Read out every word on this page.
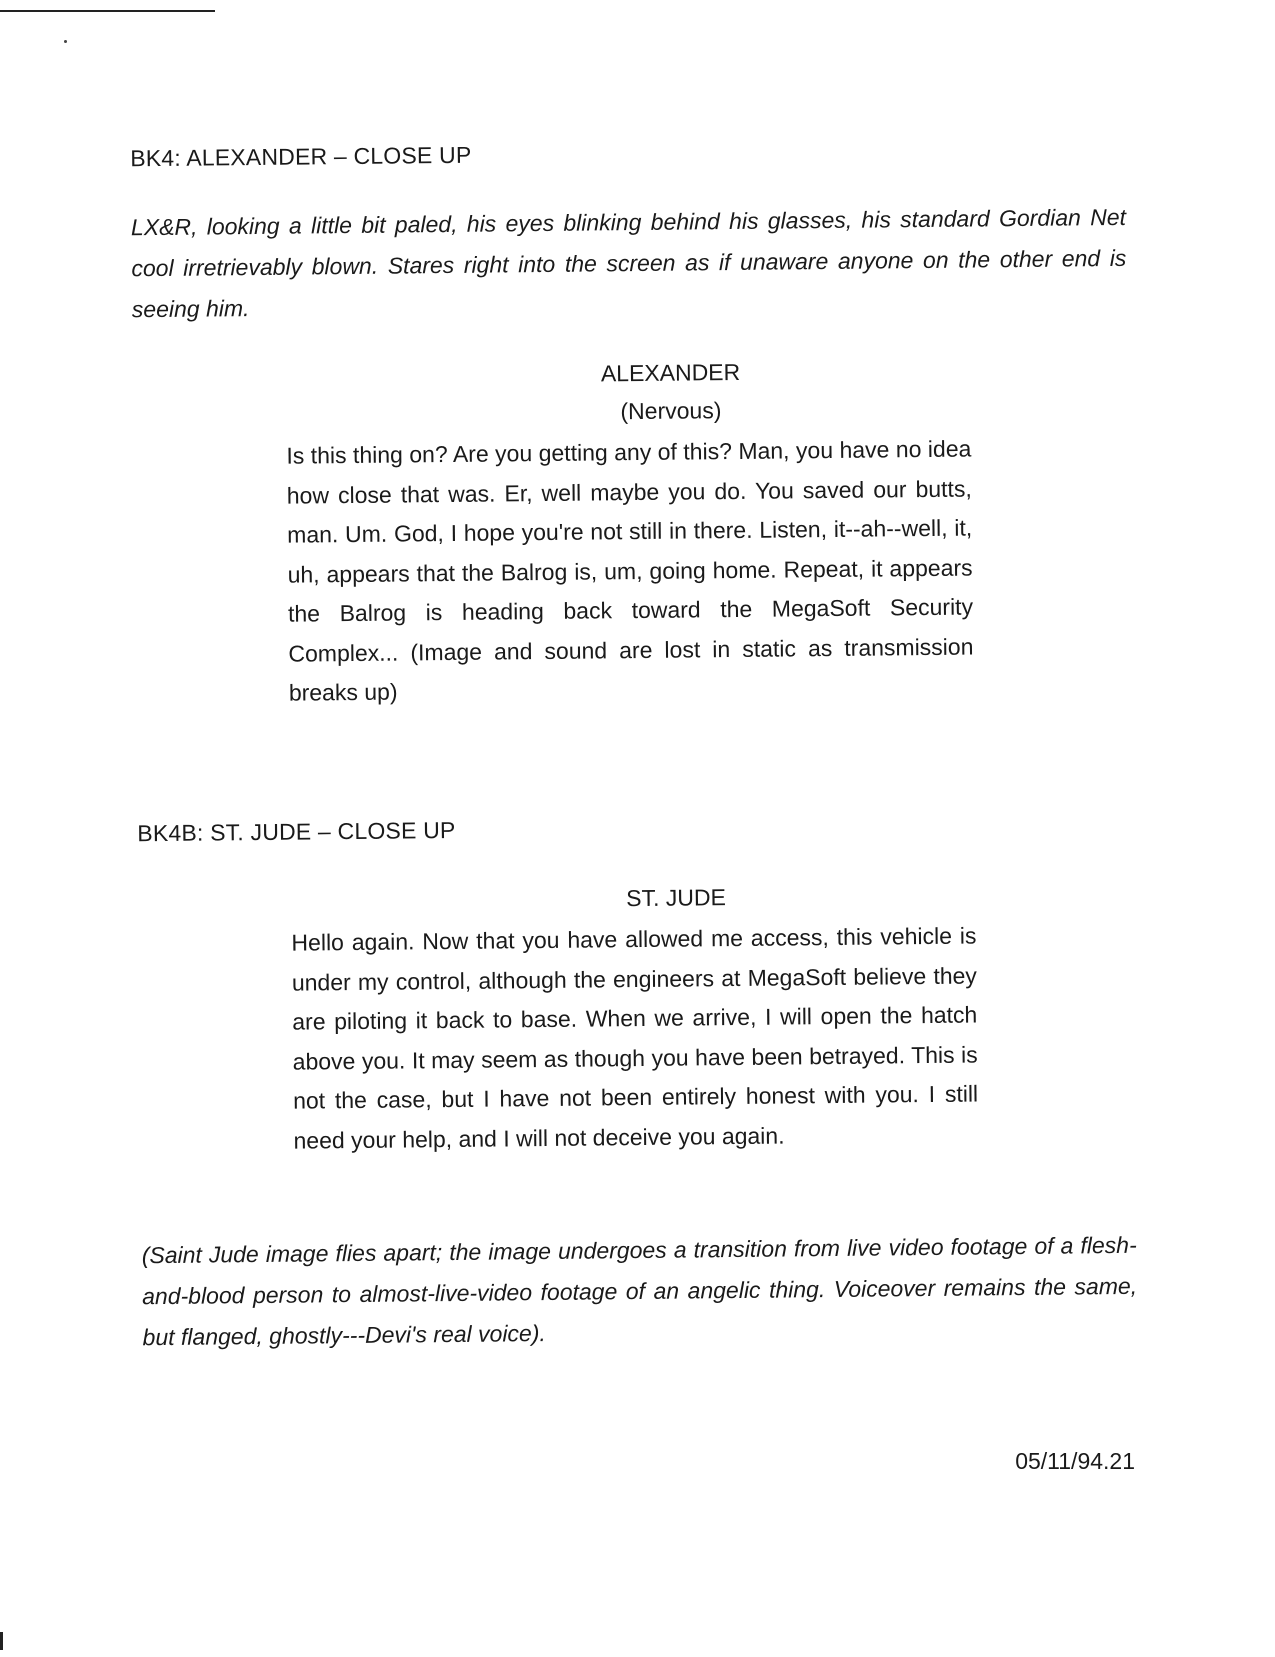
BK4: ALEXANDER – CLOSE UP
LX&R, looking a little bit paled, his eyes blinking behind his glasses, his standard Gordian Net cool irretrievably blown. Stares right into the screen as if unaware anyone on the other end is seeing him.
ALEXANDER
(Nervous)
Is this thing on? Are you getting any of this? Man, you have no idea how close that was. Er, well maybe you do. You saved our butts, man. Um. God, I hope you're not still in there. Listen, it--ah--well, it, uh, appears that the Balrog is, um, going home. Repeat, it appears the Balrog is heading back toward the MegaSoft Security Complex... (Image and sound are lost in static as transmission breaks up)
BK4B: ST. JUDE – CLOSE UP
ST. JUDE
Hello again. Now that you have allowed me access, this vehicle is under my control, although the engineers at MegaSoft believe they are piloting it back to base. When we arrive, I will open the hatch above you. It may seem as though you have been betrayed. This is not the case, but I have not been entirely honest with you. I still need your help, and I will not deceive you again.
(Saint Jude image flies apart; the image undergoes a transition from live video footage of a flesh-and-blood person to almost-live-video footage of an angelic thing. Voiceover remains the same, but flanged, ghostly---Devi's real voice).
05/11/94.21
